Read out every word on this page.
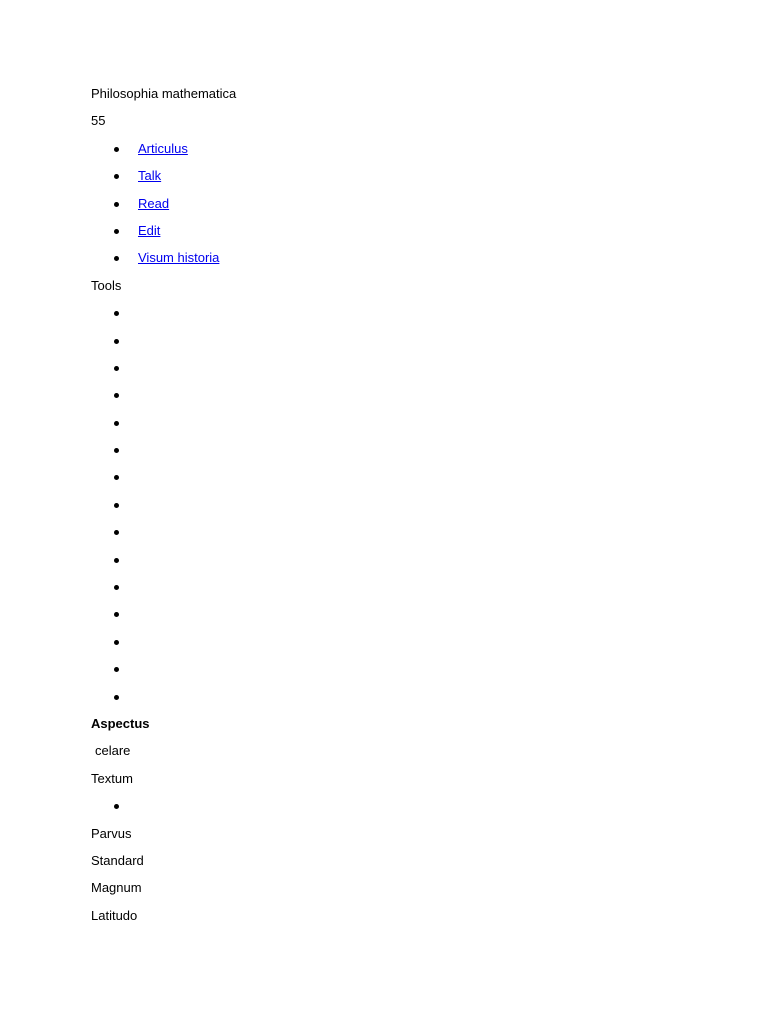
Philosophia mathematica
55
Articulus
Talk
Read
Edit
Visum historia
Tools
Aspectus
celare
Textum
Parvus
Standard
Magnum
Latitudo
